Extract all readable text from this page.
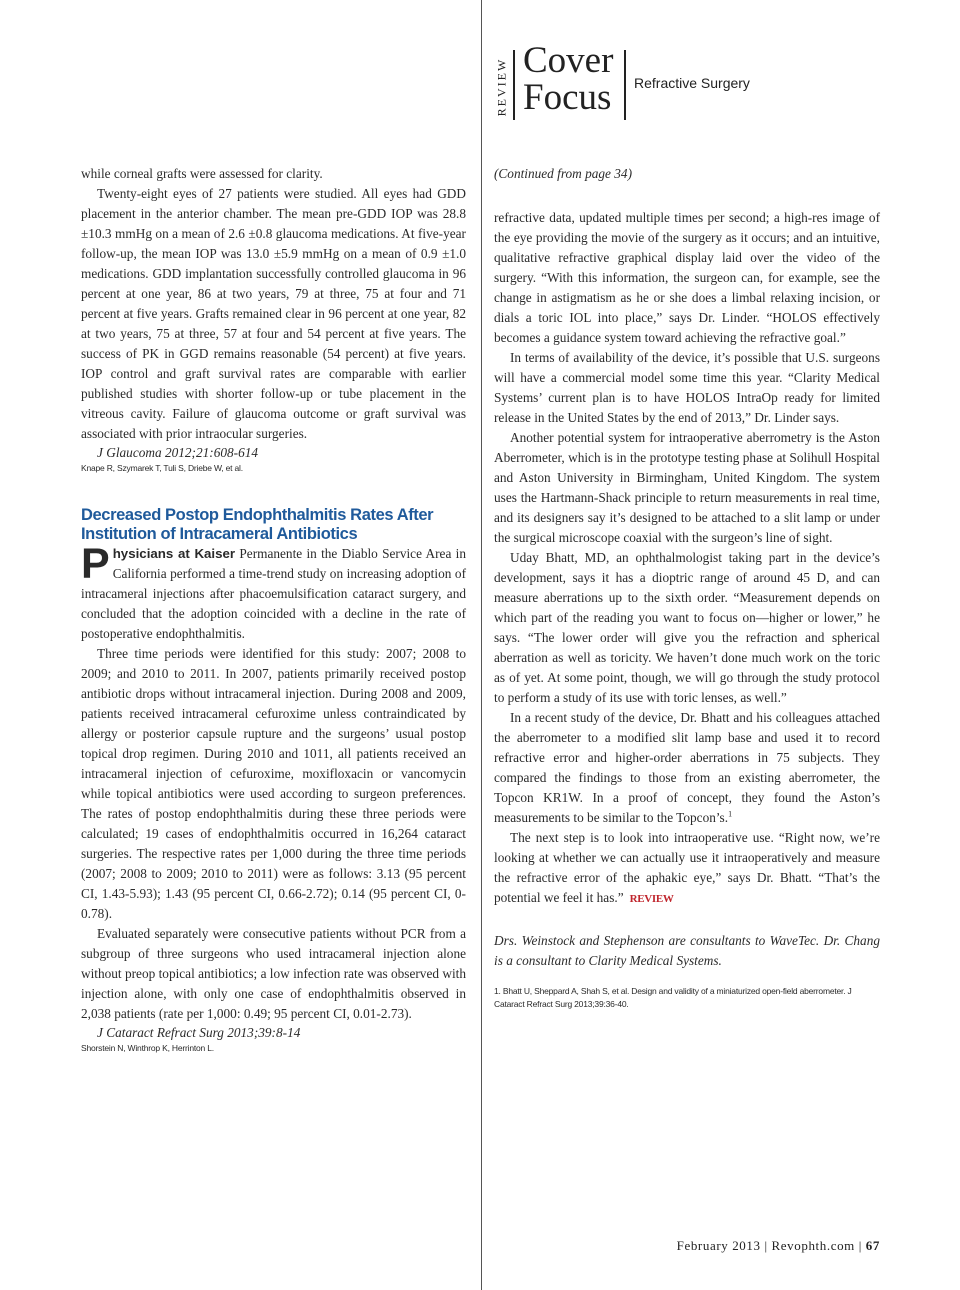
REVIEW Cover
Focus Refractive Surgery

while corneal grafts were assessed for clarity.

Twenty-eight eyes of 27 patients were studied. All eyes had GDD placement in the anterior chamber. The mean pre-GDD IOP was 28.8 ±10.3 mmHg on a mean of 2.6 ±0.8 glaucoma medications. At five-year follow-up, the mean IOP was 13.0 ±5.9 mmHg on a mean of 0.9 ±1.0 medications. GDD implantation successfully controlled glaucoma in 96 percent at one year, 86 at two years, 79 at three, 75 at four and 71 percent at five years. Grafts remained clear in 96 percent at one year, 82 at two years, 75 at three, 57 at four and 54 percent at five years. The success of PK in GGD remains reasonable (54 percent) at five years. IOP control and graft survival rates are comparable with earlier published studies with shorter follow-up or tube placement in the vitreous cavity. Failure of glaucoma outcome or graft survival was associated with prior intraocular surgeries.

J Glaucoma 2012;21:608-614

Knape R, Szymarek T, Tuli S, Driebe W, et al.

Decreased Postop Endophthalmitis Rates After Institution of Intracameral Antibiotics

Physicians at Kaiser Permanente in the Diablo Service Area in California performed a time-trend study on increasing adoption of intracameral injections after phacoemulsification cataract surgery, and concluded that the adoption coincided with a decline in the rate of postoperative endophthalmitis.

Three time periods were identified for this study: 2007; 2008 to 2009; and 2010 to 2011. In 2007, patients primarily received postop antibiotic drops without intracameral injection. During 2008 and 2009, patients received intracameral cefuroxime unless contraindicated by allergy or posterior capsule rupture and the surgeons’ usual postop topical drop regimen. During 2010 and 1011, all patients received an intracameral injection of cefuroxime, moxifloxacin or vancomycin while topical antibiotics were used according to surgeon preferences. The rates of postop endophthalmitis during these three periods were calculated; 19 cases of endophthalmitis occurred in 16,264 cataract surgeries. The respective rates per 1,000 during the three time periods (2007; 2008 to 2009; 2010 to 2011) were as follows: 3.13 (95 percent CI, 1.43-5.93); 1.43 (95 percent CI, 0.66-2.72); 0.14 (95 percent CI, 0-0.78).

Evaluated separately were consecutive patients without PCR from a subgroup of three surgeons who used intracameral injection alone without preop topical antibiotics; a low infection rate was observed with injection alone, with only one case of endophthalmitis observed in 2,038 patients (rate per 1,000: 0.49; 95 percent CI, 0.01-2.73).

J Cataract Refract Surg 2013;39:8-14

Shorstein N, Winthrop K, Herrinton L.

(Continued from page 34)

refractive data, updated multiple times per second; a high-res image of the eye providing the movie of the surgery as it occurs; and an intuitive, qualitative refractive graphical display laid over the video of the surgery. “With this information, the surgeon can, for example, see the change in astigmatism as he or she does a limbal relaxing incision, or dials a toric IOL into place,” says Dr. Linder. “HOLOS effectively becomes a guidance system toward achieving the refractive goal.”

In terms of availability of the device, it’s possible that U.S. surgeons will have a commercial model some time this year. “Clarity Medical Systems’ current plan is to have HOLOS IntraOp ready for limited release in the United States by the end of 2013,” Dr. Linder says.

Another potential system for intraoperative aberrometry is the Aston Aberrometer, which is in the prototype testing phase at Solihull Hospital and Aston University in Birmingham, United Kingdom. The system uses the Hartmann-Shack principle to return measurements in real time, and its designers say it’s designed to be attached to a slit lamp or under the surgical microscope coaxial with the surgeon’s line of sight.

Uday Bhatt, MD, an ophthalmologist taking part in the device’s development, says it has a dioptric range of around 45 D, and can measure aberrations up to the sixth order. “Measurement depends on which part of the reading you want to focus on—higher or lower,” he says. “The lower order will give you the refraction and spherical aberration as well as toricity. We haven’t done much work on the toric as of yet. At some point, though, we will go through the study protocol to perform a study of its use with toric lenses, as well.”

In a recent study of the device, Dr. Bhatt and his colleagues attached the aberrometer to a modified slit lamp base and used it to record refractive error and higher-order aberrations in 75 subjects. They compared the findings to those from an existing aberrometer, the Topcon KR1W. In a proof of concept, they found the Aston’s measurements to be similar to the Topcon’s.$^1$

The next step is to look into intraoperative use. “Right now, we’re looking at whether we can actually use it intraoperatively and measure the refractive error of the aphakic eye,” says Dr. Bhatt. “That’s the potential we feel it has.” REVIEW

Drs. Weinstock and Stephenson are consultants to WaveTec. Dr. Chang is a consultant to Clarity Medical Systems.

1. Bhatt U, Sheppard A, Shah S, et al. Design and validity of a miniaturized open-field aberrometer. J Cataract Refract Surg 2013;39:36-40.

February 2013 | Revophth.com | 67
